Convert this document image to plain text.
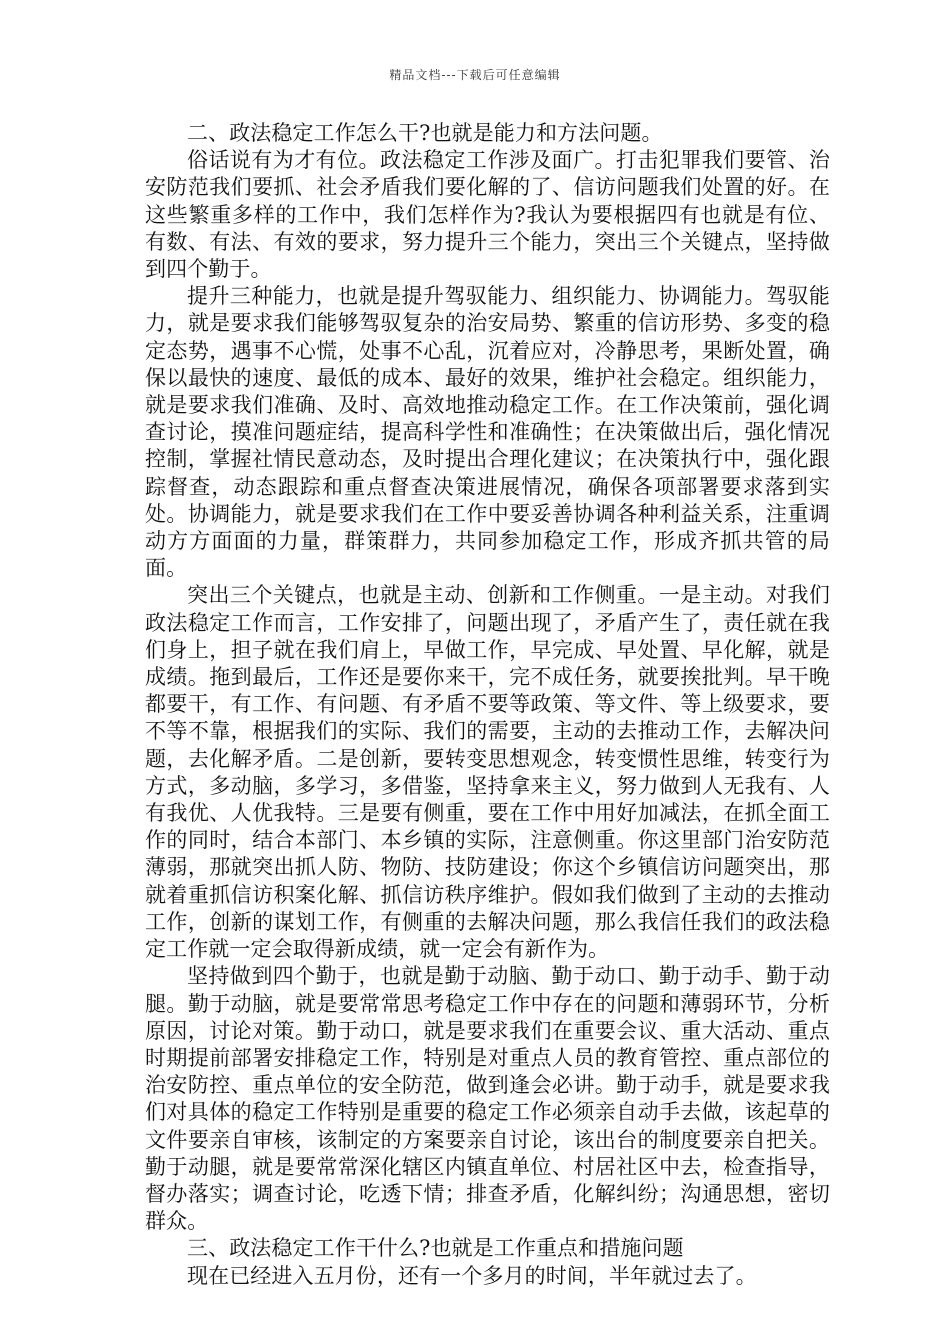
精品文档---下载后可任意编辑

二、政法稳定工作怎么干?也就是能力和方法问题。

俗话说有为才有位。政法稳定工作涉及面广。打击犯罪我们要管、治安防范我们要抓、社会矛盾我们要化解的了、信访问题我们处置的好。在这些繁重多样的工作中，我们怎样作为?我认为要根据四有也就是有位、有数、有法、有效的要求，努力提升三个能力，突出三个关键点，坚持做到四个勤于。

提升三种能力，也就是提升驾驭能力、组织能力、协调能力。驾驭能力，就是要求我们能够驾驭复杂的治安局势、繁重的信访形势、多变的稳定态势，遇事不心慌，处事不心乱，沉着应对，冷静思考，果断处置，确保以最快的速度、最低的成本、最好的效果，维护社会稳定。组织能力，就是要求我们准确、及时、高效地推动稳定工作。在工作决策前，强化调查讨论，摸准问题症结，提高科学性和准确性；在决策做出后，强化情况控制，掌握社情民意动态，及时提出合理化建议；在决策执行中，强化跟踪督查，动态跟踪和重点督查决策进展情况，确保各项部署要求落到实处。协调能力，就是要求我们在工作中要妥善协调各种利益关系，注重调动方方面面的力量，群策群力，共同参加稳定工作，形成齐抓共管的局面。

突出三个关键点，也就是主动、创新和工作侧重。一是主动。对我们政法稳定工作而言，工作安排了，问题出现了，矛盾产生了，责任就在我们身上，担子就在我们肩上，早做工作，早完成、早处置、早化解，就是成绩。拖到最后，工作还是要你来干，完不成任务，就要挨批判。早干晚都要干，有工作、有问题、有矛盾不要等政策、等文件、等上级要求，要不等不靠，根据我们的实际、我们的需要，主动的去推动工作，去解决问题，去化解矛盾。二是创新，要转变思想观念，转变惯性思维，转变行为方式，多动脑，多学习，多借鉴，坚持拿来主义，努力做到人无我有、人有我优、人优我特。三是要有侧重，要在工作中用好加减法，在抓全面工作的同时，结合本部门、本乡镇的实际，注意侧重。你这里部门治安防范薄弱，那就突出抓人防、物防、技防建设；你这个乡镇信访问题突出，那就着重抓信访积案化解、抓信访秩序维护。假如我们做到了主动的去推动工作，创新的谋划工作，有侧重的去解决问题，那么我信任我们的政法稳定工作就一定会取得新成绩，就一定会有新作为。

坚持做到四个勤于，也就是勤于动脑、勤于动口、勤于动手、勤于动腿。勤于动脑，就是要常常思考稳定工作中存在的问题和薄弱环节，分析原因，讨论对策。勤于动口，就是要求我们在重要会议、重大活动、重点时期提前部署安排稳定工作，特别是对重点人员的教育管控、重点部位的治安防控、重点单位的安全防范，做到逢会必讲。勤于动手，就是要求我们对具体的稳定工作特别是重要的稳定工作必须亲自动手去做，该起草的文件要亲自审核，该制定的方案要亲自讨论，该出台的制度要亲自把关。勤于动腿，就是要常常深化辖区内镇直单位、村居社区中去，检查指导，督办落实；调查讨论，吃透下情；排查矛盾，化解纠纷；沟通思想，密切群众。

三、政法稳定工作干什么?也就是工作重点和措施问题

现在已经进入五月份，还有一个多月的时间，半年就过去了。
